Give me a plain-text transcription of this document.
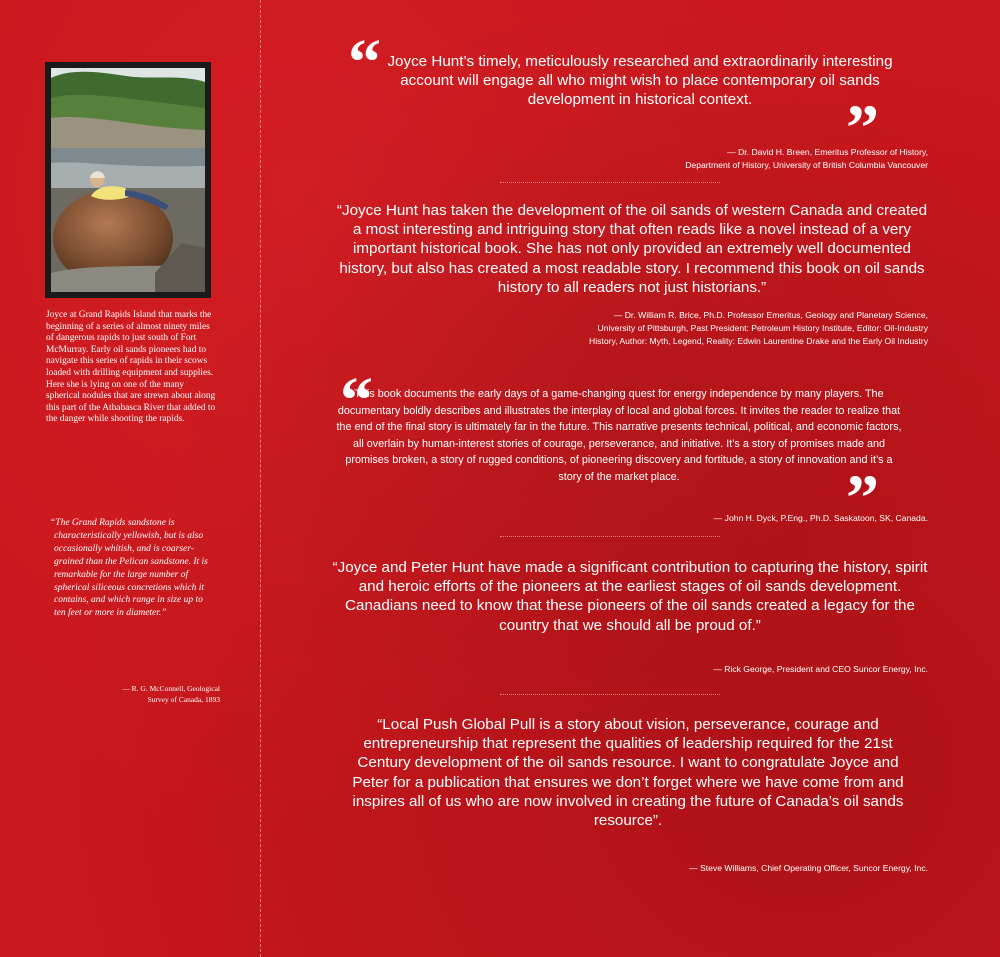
Joyce at Grand Rapids Island that marks the beginning of a series of almost ninety miles of dangerous rapids to just south of Fort McMurray. Early oil sands pioneers had to navigate this series of rapids in their scows loaded with drilling equipment and supplies. Here she is lying on one of the many spherical nodules that are strewn about along this part of the Athabasca River that added to the danger while shooting the rapids.

“The Grand Rapids sandstone is characteristically yellowish, but is also occasionally whitish, and is coarser-grained than the Pelican sandstone. It is remarkable for the large number of spherical siliceous concretions which it contains, and which range in size up to ten feet or more in diameter.”

— R. G. McConnell, Geological
Survey of Canada, 1893

“ Joyce Hunt’s timely, meticulously researched and extraordinarily interesting account will engage all who might wish to place contemporary oil sands development in historical context.	”

— Dr. David H. Breen, Emeritus Professor of History,
Department of History, University of British Columbia Vancouver

“Joyce Hunt has taken the development of the oil sands of western Canada and created a most interesting and intriguing story that often reads like a novel instead of a very important historical book. She has not only provided an extremely well documented history, but also has created a most readable story. I recommend this book on oil sands history to all readers not just historians.”

— Dr. William R. Brice, Ph.D. Professor Emeritus, Geology and Planetary Science,
University of Pittsburgh, Past President: Petroleum History Institute, Editor: Oil-Industry
History, Author: Myth, Legend, Reality: Edwin Laurentine Drake and the Early Oil Industry

“

This book documents the early days of a game-changing quest for energy independence by many players. The documentary boldly describes and illustrates the interplay of local and global forces. It invites the reader to realize that the end of the final story is ultimately far in the future. This narrative presents technical, political, and economic factors, all overlain by human-interest stories of courage, perseverance, and initiative. It’s a story of promises made and promises broken, a story of rugged conditions, of pioneering discovery and fortitude, a story of innovation and it’s a story of the market place.	”

— John H. Dyck, P.Eng., Ph.D. Saskatoon, SK, Canada.

“Joyce and Peter Hunt have made a significant contribution to capturing the history, spirit and heroic efforts of the pioneers at the earliest stages of oil sands development. Canadians need to know that these pioneers of the oil sands created a legacy for the country that we should all be proud of.”

— Rick George, President and CEO Suncor Energy, Inc.

“Local Push Global Pull is a story about vision, perseverance, courage and entrepreneurship that represent the qualities of leadership required for the 21st Century development of the oil sands resource. I want to congratulate Joyce and Peter for a publication that ensures we don’t forget where we have come from and inspires all of us who are now involved in creating the future of Canada’s oil sands resource”.

— Steve Williams, Chief Operating Officer, Suncor Energy, Inc.
